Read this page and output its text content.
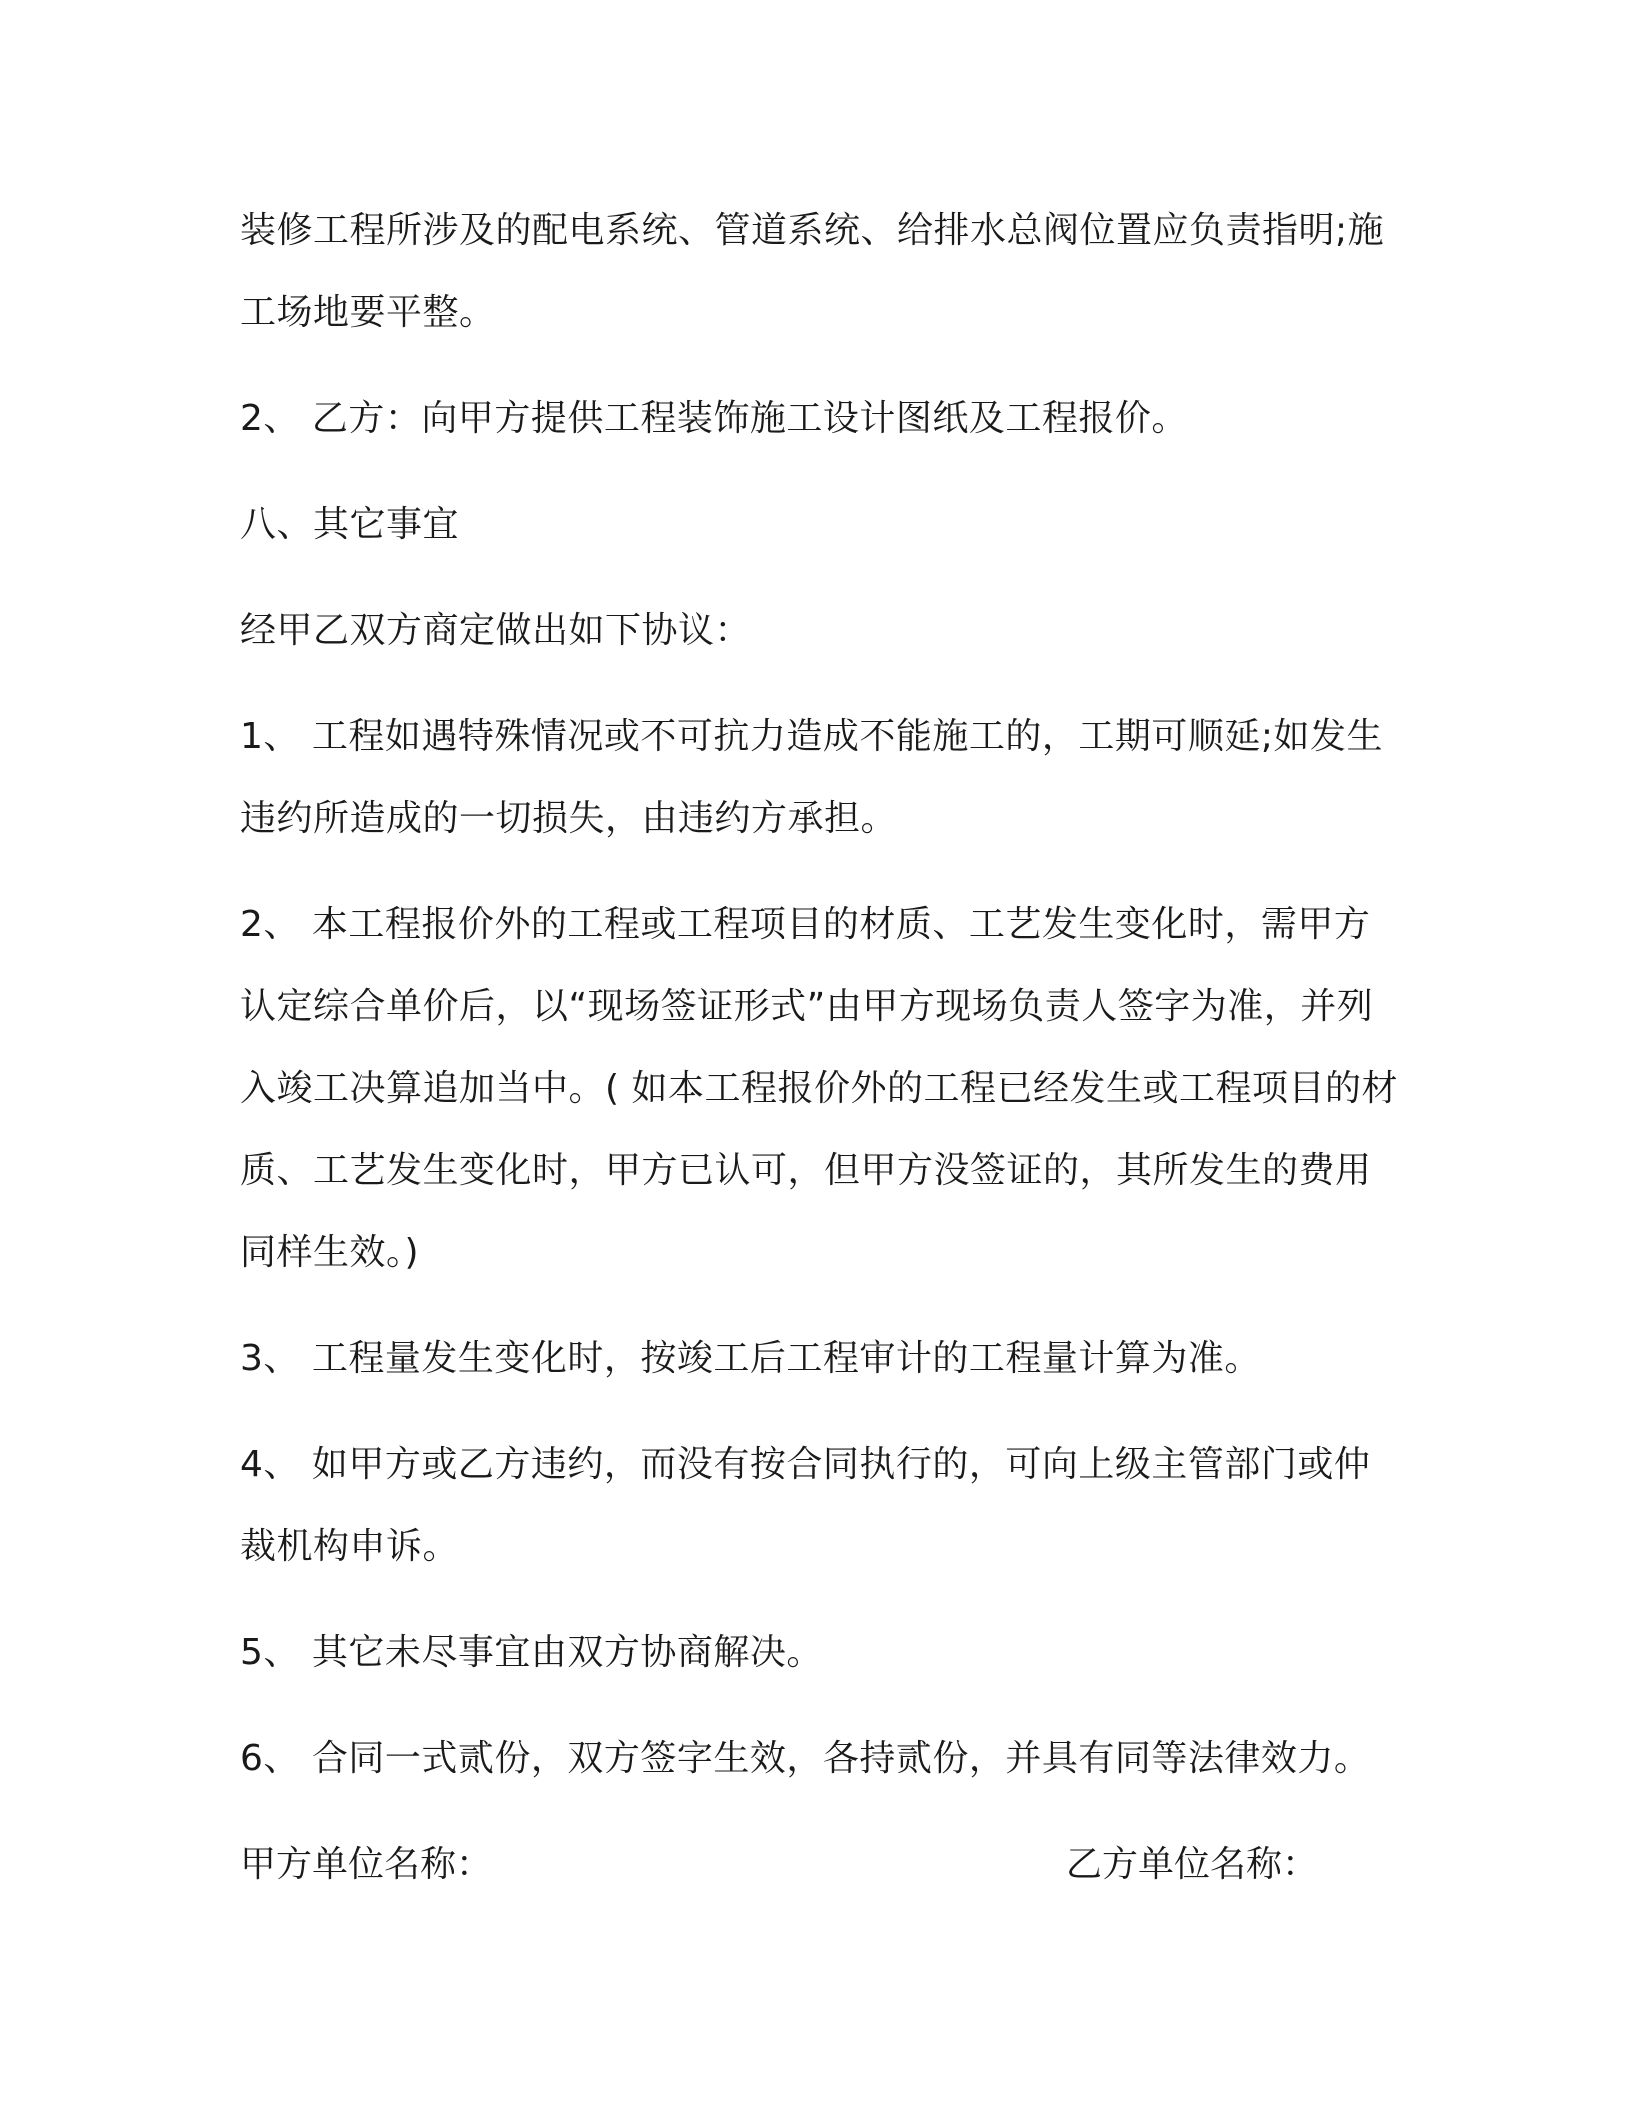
装修工程所涉及的配电系统、管道系统、给排水总阀位置应负责指明;施工场地要平整。

2、 乙方：向甲方提供工程装饰施工设计图纸及工程报价。

八、其它事宜

经甲乙双方商定做出如下协议：

1、 工程如遇特殊情况或不可抗力造成不能施工的，工期可顺延;如发生违约所造成的一切损失，由违约方承担。

2、 本工程报价外的工程或工程项目的材质、工艺发生变化时，需甲方认定综合单价后，以“现场签证形式”由甲方现场负责人签字为准，并列入竣工决算追加当中。( 如本工程报价外的工程已经发生或工程项目的材质、工艺发生变化时，甲方已认可，但甲方没签证的，其所发生的费用同样生效。)

3、 工程量发生变化时，按竣工后工程审计的工程量计算为准。

4、 如甲方或乙方违约，而没有按合同执行的，可向上级主管部门或仲裁机构申诉。

5、 其它未尽事宜由双方协商解决。

6、 合同一式贰份，双方签字生效，各持贰份，并具有同等法律效力。

甲方单位名称：	乙方单位名称：
